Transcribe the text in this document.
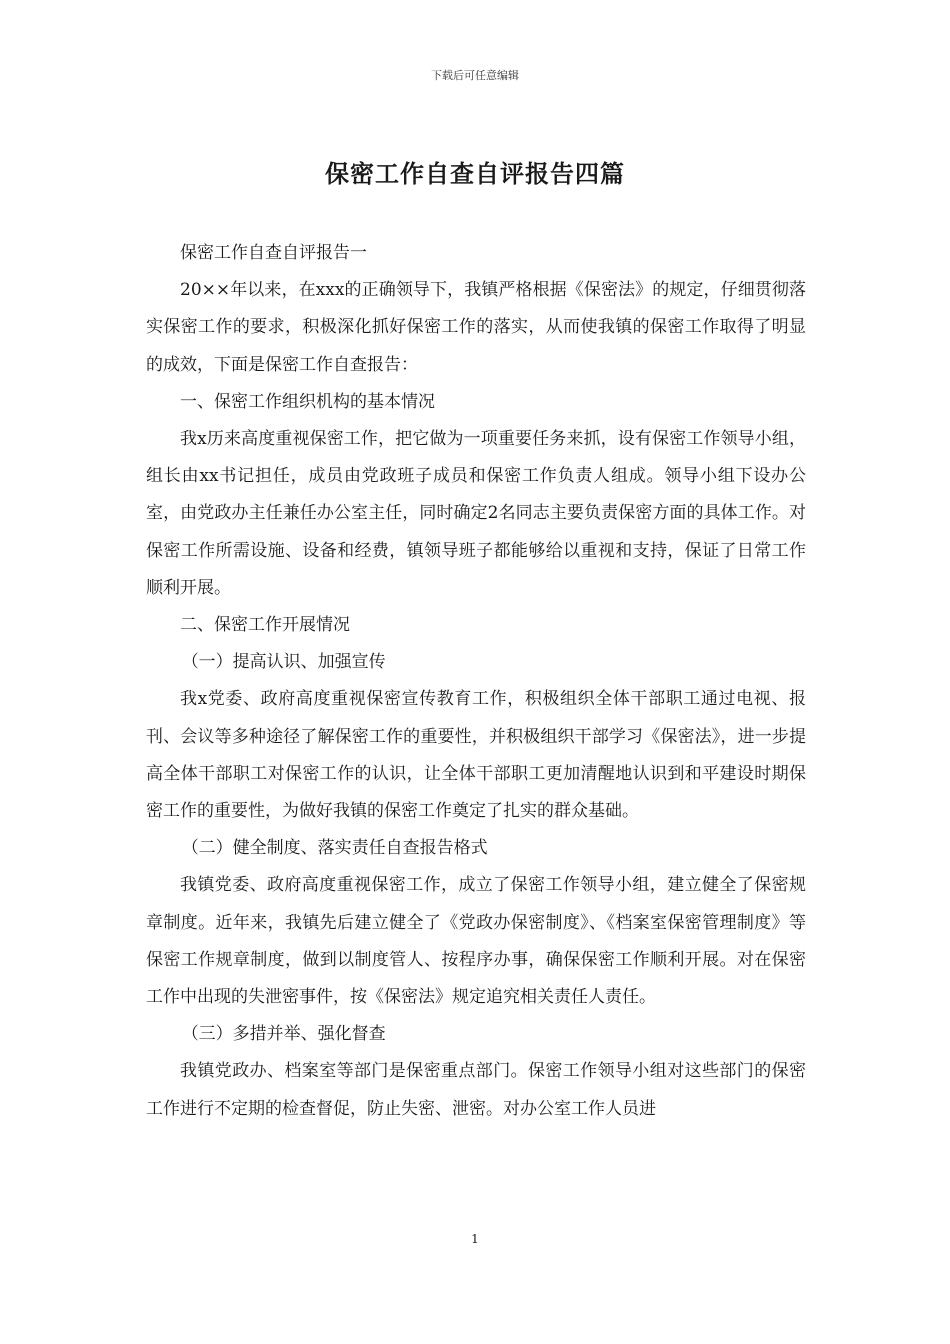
下载后可任意编辑
保密工作自查自评报告四篇

保密工作自查自评报告一

20××年以来，在xxx的正确领导下，我镇严格根据《保密法》的规定，仔细贯彻落实保密工作的要求，积极深化抓好保密工作的落实，从而使我镇的保密工作取得了明显的成效，下面是保密工作自查报告：

一、保密工作组织机构的基本情况

我x历来高度重视保密工作，把它做为一项重要任务来抓，设有保密工作领导小组，组长由xx书记担任，成员由党政班子成员和保密工作负责人组成。领导小组下设办公室，由党政办主任兼任办公室主任，同时确定2名同志主要负责保密方面的具体工作。对保密工作所需设施、设备和经费，镇领导班子都能够给以重视和支持，保证了日常工作顺利开展。

二、保密工作开展情况

（一）提高认识、加强宣传

我x党委、政府高度重视保密宣传教育工作，积极组织全体干部职工通过电视、报刊、会议等多种途径了解保密工作的重要性，并积极组织干部学习《保密法》，进一步提高全体干部职工对保密工作的认识，让全体干部职工更加清醒地认识到和平建设时期保密工作的重要性，为做好我镇的保密工作奠定了扎实的群众基础。

（二）健全制度、落实责任自查报告格式

我镇党委、政府高度重视保密工作，成立了保密工作领导小组，建立健全了保密规章制度。近年来，我镇先后建立健全了《党政办保密制度》、《档案室保密管理制度》等保密工作规章制度，做到以制度管人、按程序办事，确保保密工作顺利开展。对在保密工作中出现的失泄密事件，按《保密法》规定追究相关责任人责任。

（三）多措并举、强化督查

我镇党政办、档案室等部门是保密重点部门。保密工作领导小组对这些部门的保密工作进行不定期的检查督促，防止失密、泄密。对办公室工作人员进

1
